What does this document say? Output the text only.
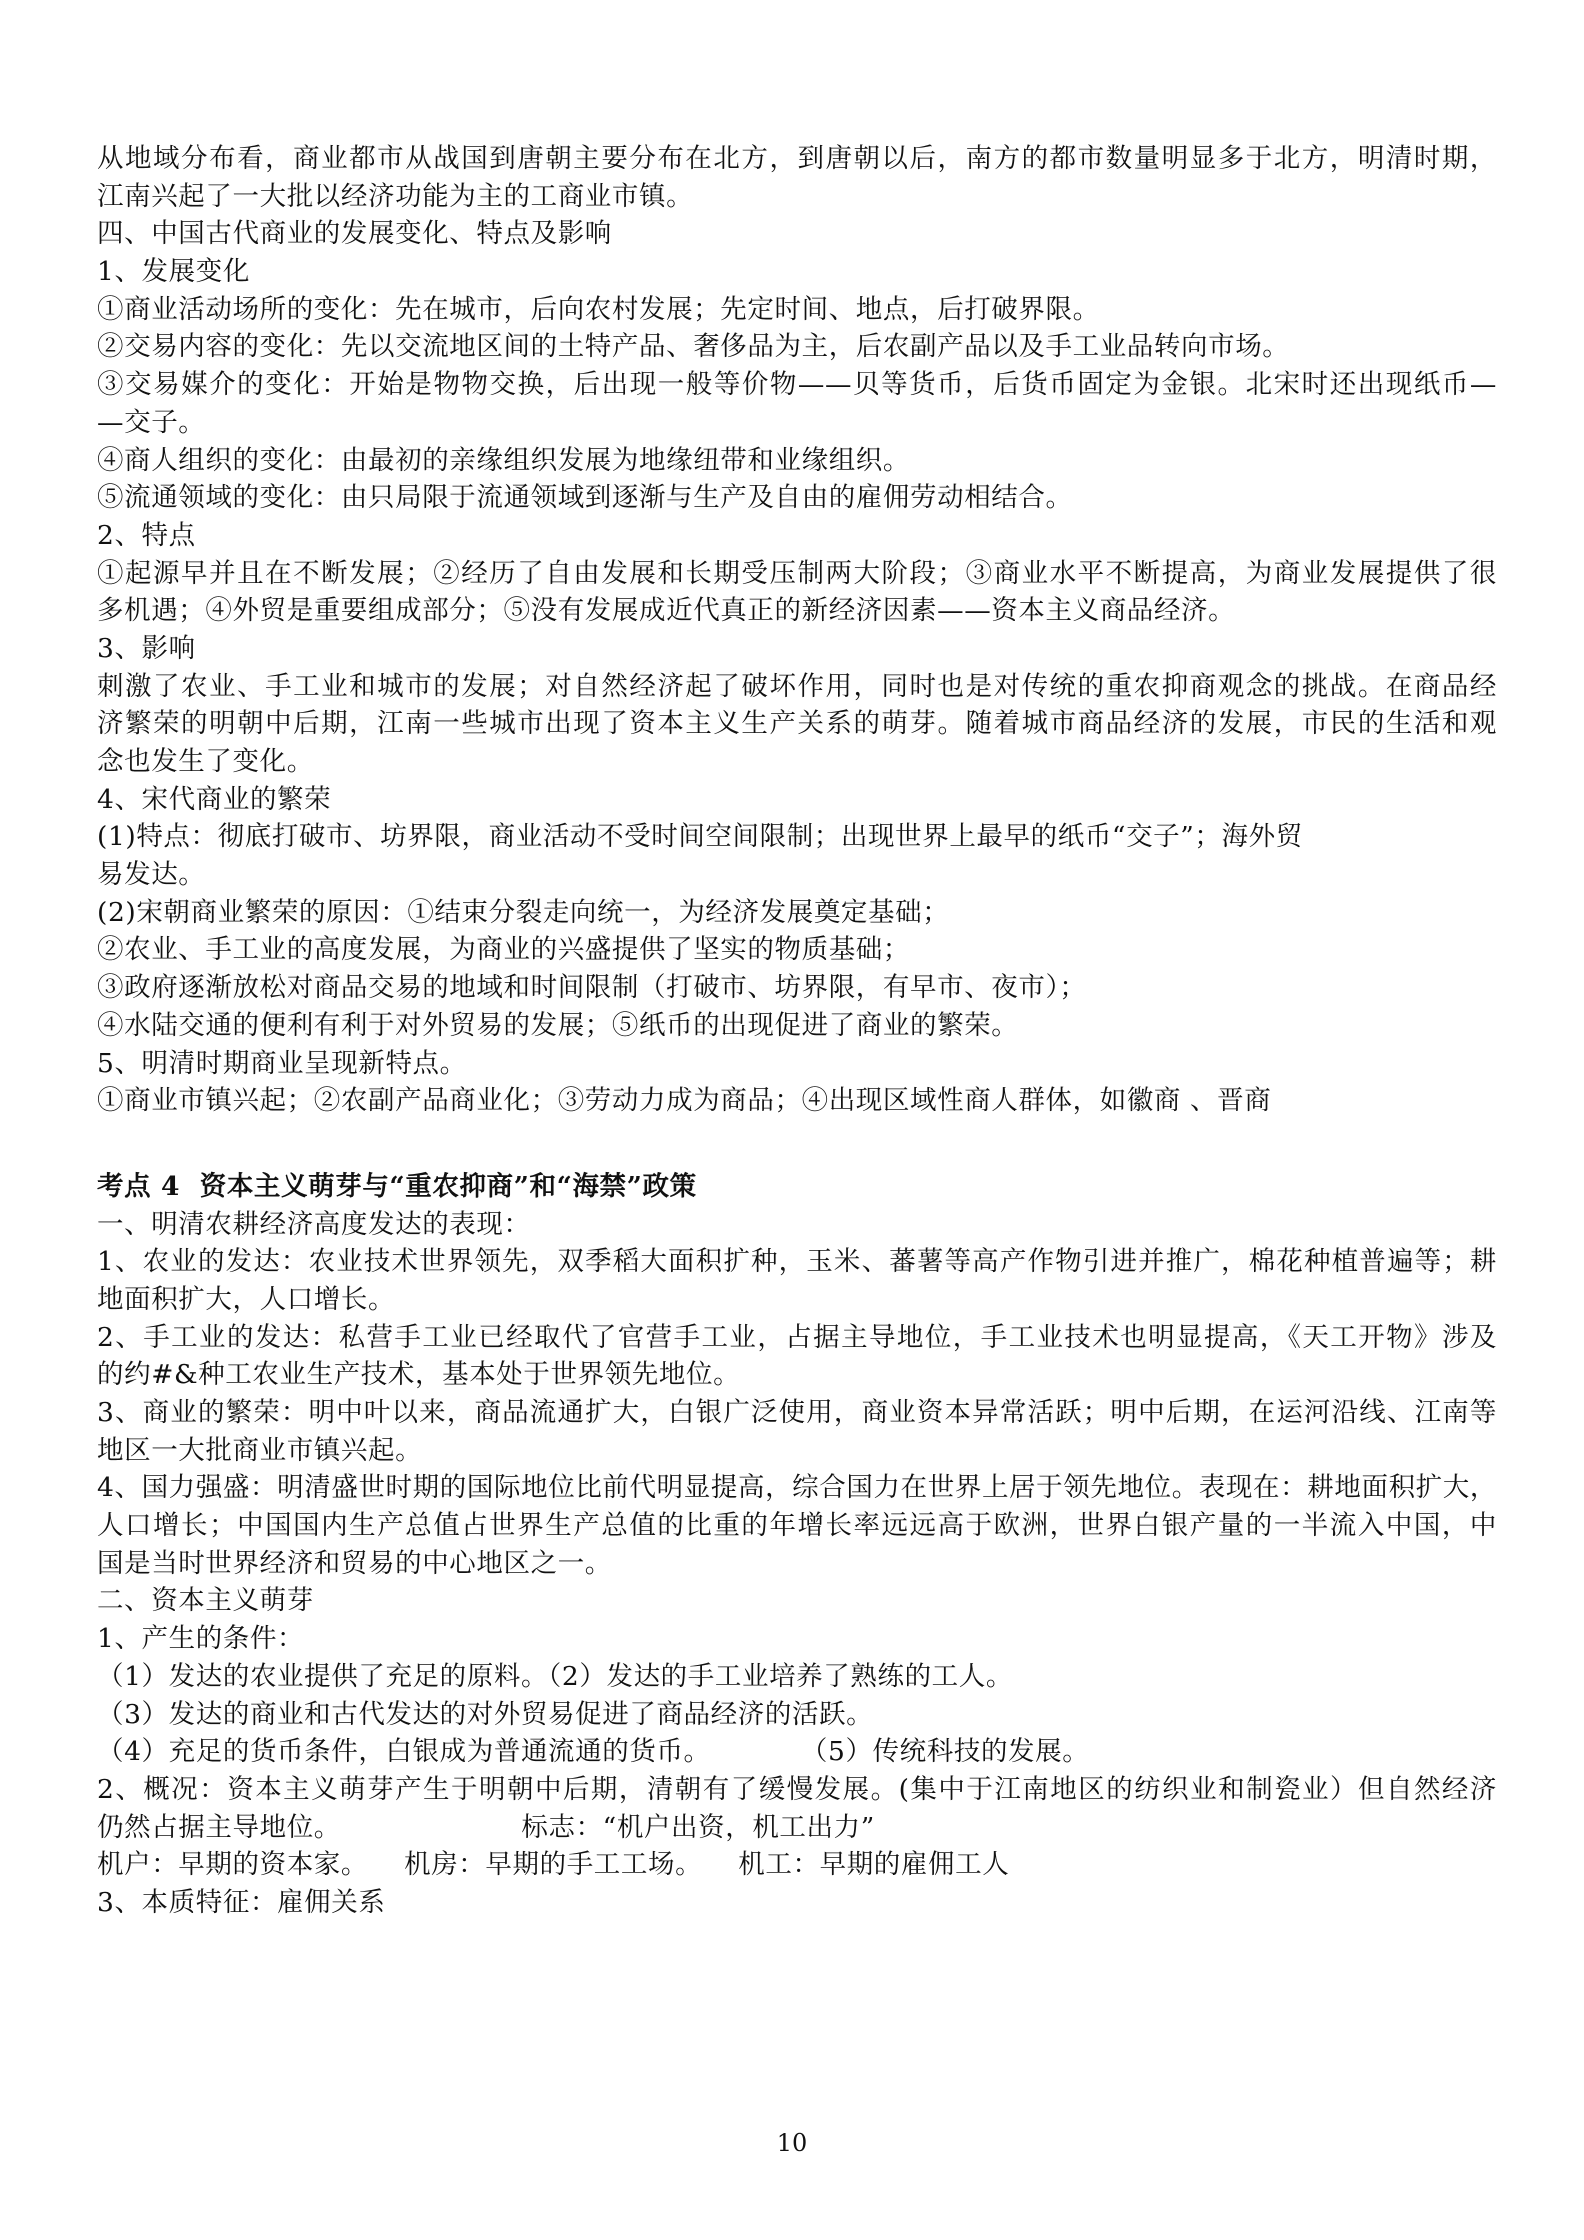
从地域分布看，商业都市从战国到唐朝主要分布在北方，到唐朝以后，南方的都市数量明显多于北方，明清时期，
江南兴起了一大批以经济功能为主的工商业市镇。
四、中国古代商业的发展变化、特点及影响
1、发展变化
①商业活动场所的变化：先在城市，后向农村发展；先定时间、地点，后打破界限。
②交易内容的变化：先以交流地区间的土特产品、奢侈品为主，后农副产品以及手工业品转向市场。
③交易媒介的变化：开始是物物交换，后出现一般等价物——贝等货币，后货币固定为金银。北宋时还出现纸币—
—交子。
④商人组织的变化：由最初的亲缘组织发展为地缘纽带和业缘组织。
⑤流通领域的变化：由只局限于流通领域到逐渐与生产及自由的雇佣劳动相结合。
2、特点
①起源早并且在不断发展；②经历了自由发展和长期受压制两大阶段；③商业水平不断提高，为商业发展提供了很
多机遇；④外贸是重要组成部分；⑤没有发展成近代真正的新经济因素——资本主义商品经济。
3、影响
刺激了农业、手工业和城市的发展；对自然经济起了破坏作用，同时也是对传统的重农抑商观念的挑战。在商品经
济繁荣的明朝中后期，江南一些城市出现了资本主义生产关系的萌芽。随着城市商品经济的发展，市民的生活和观
念也发生了变化。
4、宋代商业的繁荣
(1)特点：彻底打破市、坊界限，商业活动不受时间空间限制；出现世界上最早的纸币“交子”；海外贸
易发达。
(2)宋朝商业繁荣的原因：①结束分裂走向统一，为经济发展奠定基础；
②农业、手工业的高度发展，为商业的兴盛提供了坚实的物质基础；
③政府逐渐放松对商品交易的地域和时间限制（打破市、坊界限，有早市、夜市）；
④水陆交通的便利有利于对外贸易的发展；⑤纸币的出现促进了商业的繁荣。
5、明清时期商业呈现新特点。
①商业市镇兴起；②农副产品商业化；③劳动力成为商品；④出现区域性商人群体，如徽商 、晋商
考点 4  资本主义萌芽与“重农抑商”和“海禁”政策
一、明清农耕经济高度发达的表现：
1、农业的发达：农业技术世界领先，双季稻大面积扩种，玉米、蕃薯等高产作物引进并推广，棉花种植普遍等；耕
地面积扩大，人口增长。
2、手工业的发达：私营手工业已经取代了官营手工业，占据主导地位，手工业技术也明显提高，《天工开物》涉及
的约#&种工农业生产技术，基本处于世界领先地位。
3、商业的繁荣：明中叶以来，商品流通扩大，白银广泛使用，商业资本异常活跃；明中后期，在运河沿线、江南等
地区一大批商业市镇兴起。
4、国力强盛：明清盛世时期的国际地位比前代明显提高，综合国力在世界上居于领先地位。表现在：耕地面积扩大，
人口增长；中国国内生产总值占世界生产总值的比重的年增长率远远高于欧洲，世界白银产量的一半流入中国，中
国是当时世界经济和贸易的中心地区之一。
二、资本主义萌芽
1、产生的条件：
（1）发达的农业提供了充足的原料。（2）发达的手工业培养了熟练的工人。
（3）发达的商业和古代发达的对外贸易促进了商品经济的活跃。
（4）充足的货币条件，白银成为普通流通的货币。          （5）传统科技的发展。
2、概况：资本主义萌芽产生于明朝中后期，清朝有了缓慢发展。(集中于江南地区的纺织业和制瓷业）但自然经济
仍然占据主导地位。                    标志：“机户出资，机工出力”
机户：早期的资本家。    机房：早期的手工工场。    机工：早期的雇佣工人
3、本质特征：雇佣关系
10
